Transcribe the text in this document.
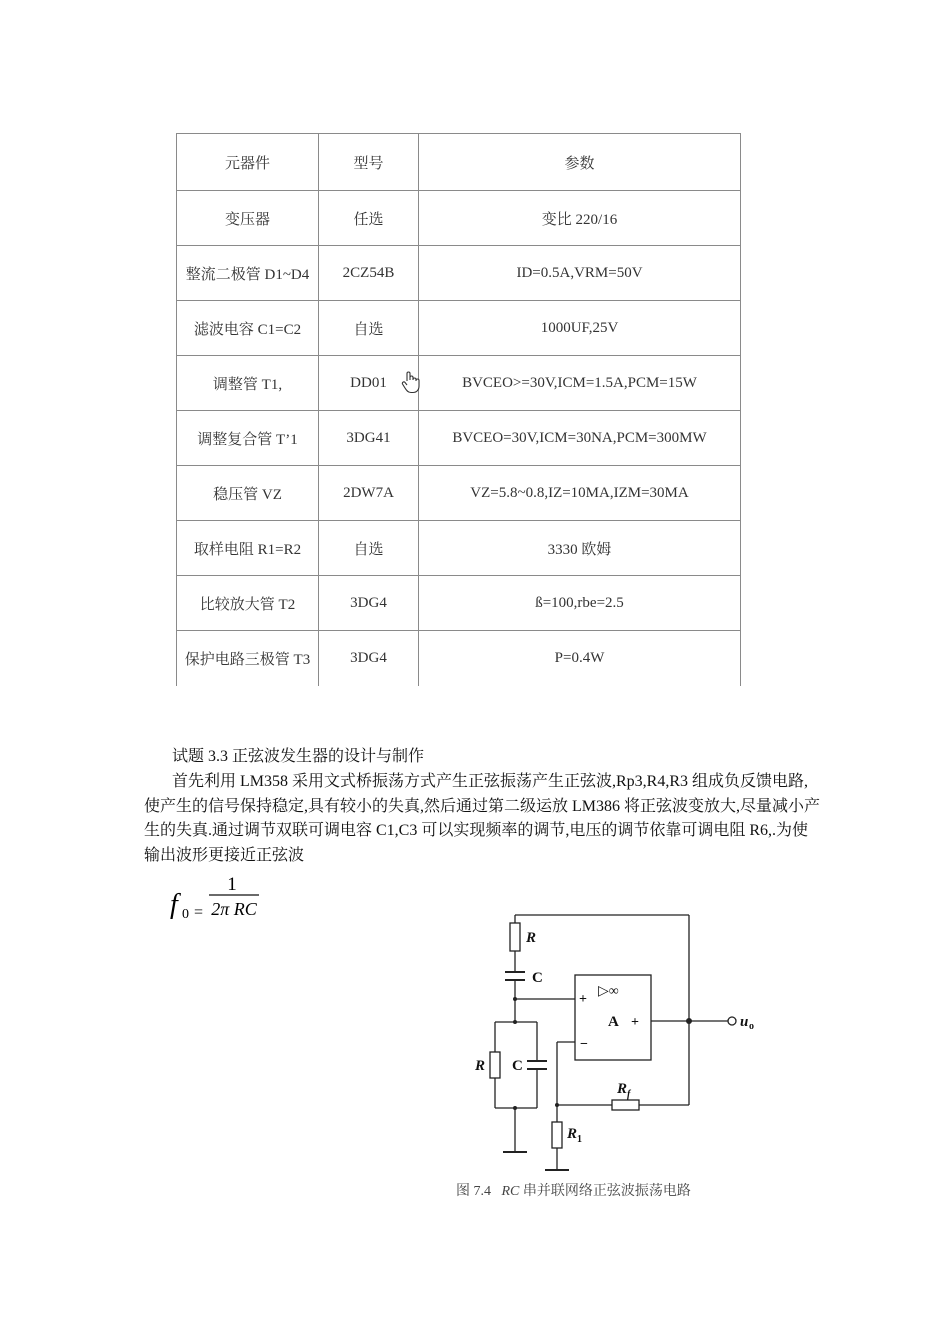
元器件	型号	参数
变压器	任选	变比 220/16
整流二极管 D1~D4	2CZ54B	ID=0.5A,VRM=50V
滤波电容 C1=C2	自选	1000UF,25V
调整管 T1,	DD01	BVCEO>=30V,ICM=1.5A,PCM=15W
调整复合管 T’1	3DG41	BVCEO=30V,ICM=30NA,PCM=300MW
稳压管 VZ	2DW7A	VZ=5.8~0.8,IZ=10MA,IZM=30MA
取样电阻 R1=R2	自选	3330 欧姆
比较放大管 T2	3DG4	ß=100,rbe=2.5
保护电路三极管 T3	3DG4	P=0.4W
试题 3.3 正弦波发生器的设计与制作
首先利用 LM358 采用文式桥振荡方式产生正弦振荡产生正弦波,Rp3,R4,R3 组成负反馈电路,使产生的信号保持稳定,具有较小的失真,然后通过第二级运放 LM386 将正弦波变放大,尽量减小产生的失真.通过调节双联可调电容 C1,C3 可以实现频率的调节,电压的调节依靠可调电阻 R6,.为使输出波形更接近正弦波
1
2π RC
f 0 =
R
C
R C
R f
R 1
+
−
▷∞
A +	u o
图 7.4 RC 串并联网络正弦波振荡电路
